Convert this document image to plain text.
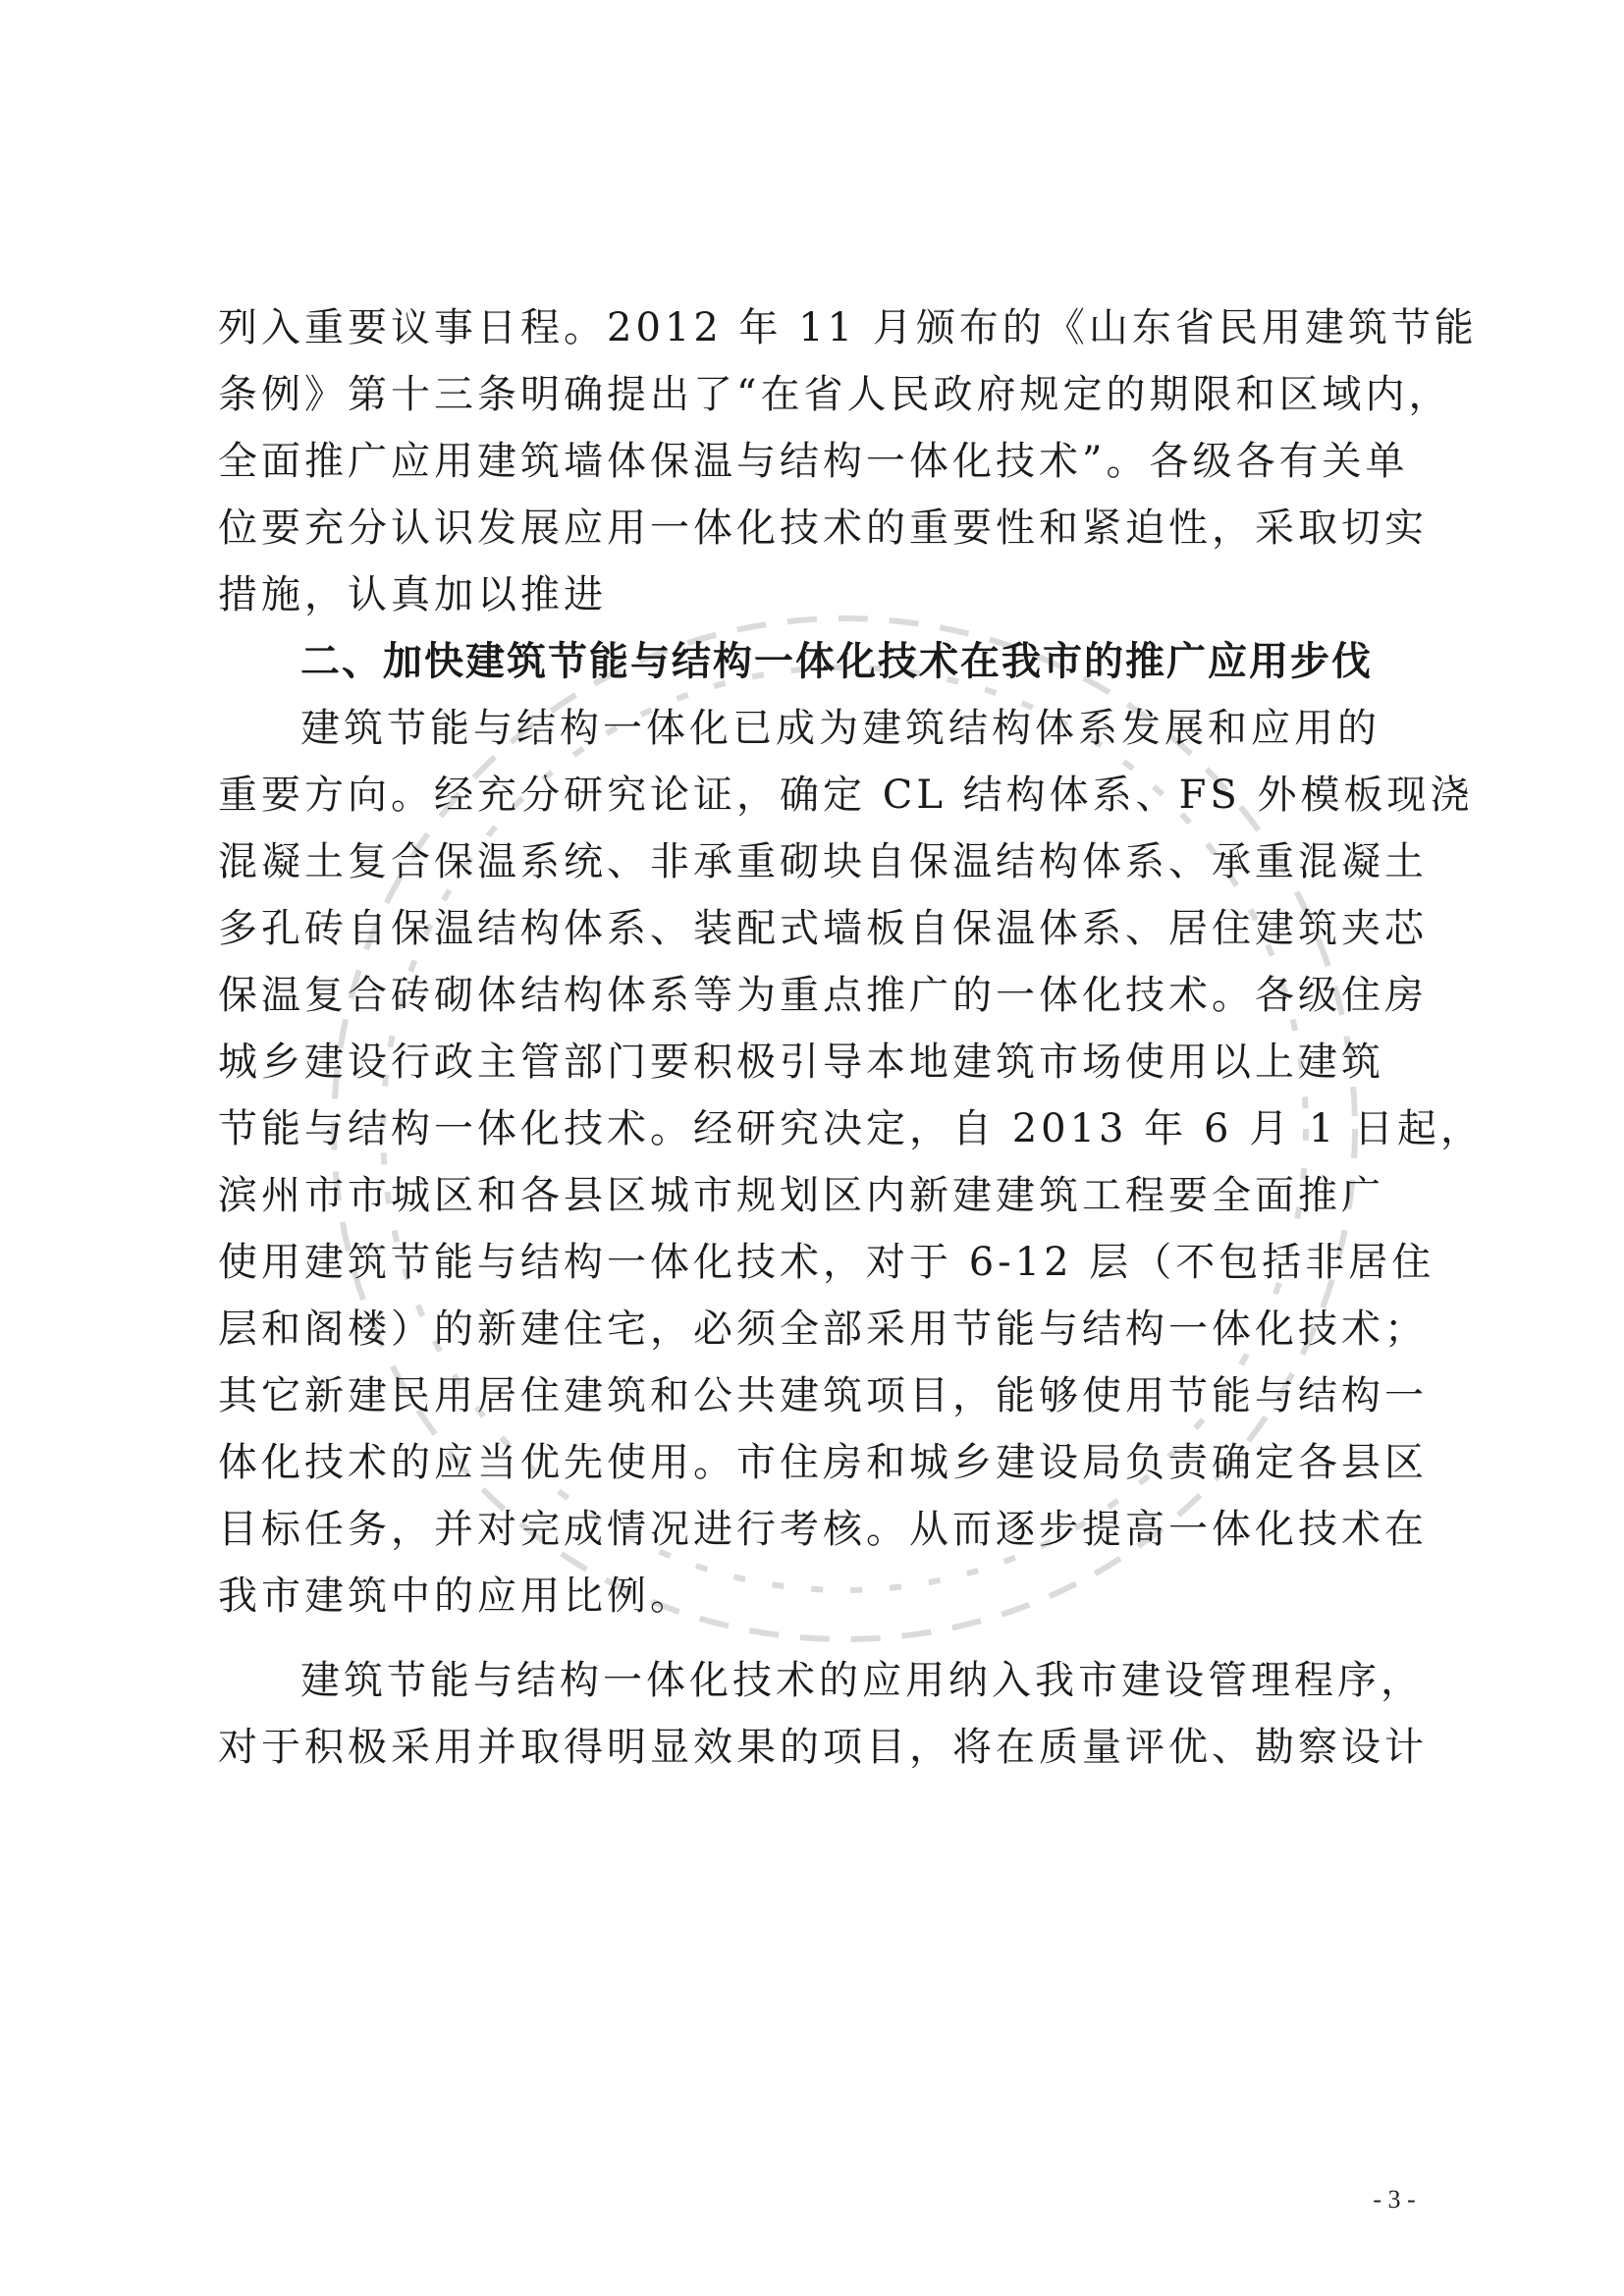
列入重要议事日程。2012 年 11 月颁布的《山东省民用建筑节能
条例》第十三条明确提出了“在省人民政府规定的期限和区域内，
全面推广应用建筑墙体保温与结构一体化技术”。各级各有关单
位要充分认识发展应用一体化技术的重要性和紧迫性，采取切实
措施，认真加以推进

二、加快建筑节能与结构一体化技术在我市的推广应用步伐

建筑节能与结构一体化已成为建筑结构体系发展和应用的
重要方向。经充分研究论证，确定 CL 结构体系、FS 外模板现浇
混凝土复合保温系统、非承重砌块自保温结构体系、承重混凝土
多孔砖自保温结构体系、装配式墙板自保温体系、居住建筑夹芯
保温复合砖砌体结构体系等为重点推广的一体化技术。各级住房
城乡建设行政主管部门要积极引导本地建筑市场使用以上建筑
节能与结构一体化技术。经研究决定，自 2013 年 6 月 1 日起，
滨州市市城区和各县区城市规划区内新建建筑工程要全面推广
使用建筑节能与结构一体化技术，对于 6-12 层（不包括非居住
层和阁楼）的新建住宅，必须全部采用节能与结构一体化技术；
其它新建民用居住建筑和公共建筑项目，能够使用节能与结构一
体化技术的应当优先使用。市住房和城乡建设局负责确定各县区
目标任务，并对完成情况进行考核。从而逐步提高一体化技术在
我市建筑中的应用比例。

建筑节能与结构一体化技术的应用纳入我市建设管理程序，
对于积极采用并取得明显效果的项目，将在质量评优、勘察设计

- 3 -
